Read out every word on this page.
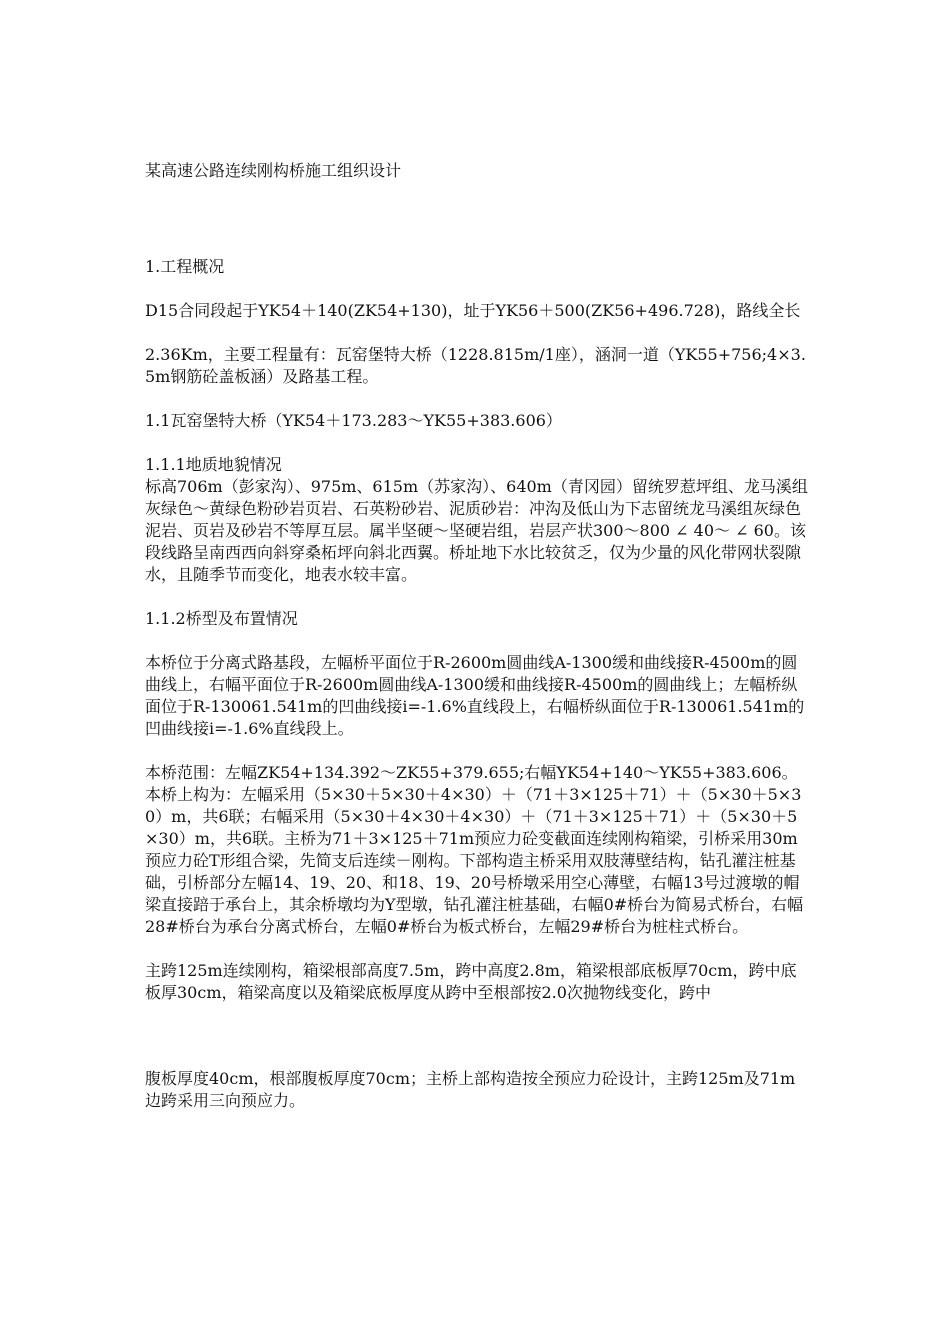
某高速公路连续刚构桥施工组织设计

1.工程概况

D15合同段起于YK54＋140(ZK54+130)，址于YK56＋500(ZK56+496.728)，路线全长

2.36Km，主要工程量有：瓦窑堡特大桥（1228.815m/1座），涵洞一道（YK55+756;4×3.5m钢筋砼盖板涵）及路基工程。

1.1瓦窑堡特大桥（YK54＋173.283～YK55+383.606）

1.1.1地质地貌情况

标高706m（彭家沟）、975m、615m（苏家沟）、640m（青冈园）留统罗惹坪组、龙马溪组灰绿色～黄绿色粉砂岩页岩、石英粉砂岩、泥质砂岩：冲沟及低山为下志留统龙马溪组灰绿色泥岩、页岩及砂岩不等厚互层。属半坚硬～坚硬岩组，岩层产状300～800 ∠ 40～ ∠ 60。该段线路呈南西西向斜穿桑柘坪向斜北西翼。桥址地下水比较贫乏，仅为少量的风化带网状裂隙水，且随季节而变化，地表水较丰富。

1.1.2桥型及布置情况

本桥位于分离式路基段，左幅桥平面位于R-2600m圆曲线A-1300缓和曲线接R-4500m的圆曲线上，右幅平面位于R-2600m圆曲线A-1300缓和曲线接R-4500m的圆曲线上；左幅桥纵面位于R-130061.541m的凹曲线接i=-1.6%直线段上，右幅桥纵面位于R-130061.541m的凹曲线接i=-1.6%直线段上。

本桥范围：左幅ZK54+134.392～ZK55+379.655;右幅YK54+140～YK55+383.606。 本桥上构为：左幅采用（5×30＋5×30＋4×30）＋（71＋3×125＋71）＋（5×30＋5×30）m，共6联；右幅采用（5×30＋4×30＋4×30）＋（71＋3×125＋71）＋（5×30＋5×30）m，共6联。主桥为71＋3×125＋71m预应力砼变截面连续刚构箱梁，引桥采用30m预应力砼T形组合梁，先简支后连续－刚构。下部构造主桥采用双肢薄壁结构，钻孔灌注桩基础，引桥部分左幅14、19、20、和18、19、20号桥墩采用空心薄壁，右幅13号过渡墩的帽梁直接踣于承台上，其余桥墩均为Y型墩，钻孔灌注桩基础，右幅0#桥台为简易式桥台，右幅28#桥台为承台分离式桥台，左幅0#桥台为板式桥台，左幅29#桥台为桩柱式桥台。

主跨125m连续刚构，箱梁根部高度7.5m，跨中高度2.8m，箱梁根部底板厚70cm，跨中底板厚30cm，箱梁高度以及箱梁底板厚度从跨中至根部按2.0次抛物线变化，跨中

腹板厚度40cm，根部腹板厚度70cm；主桥上部构造按全预应力砼设计，主跨125m及71m边跨采用三向预应力。
